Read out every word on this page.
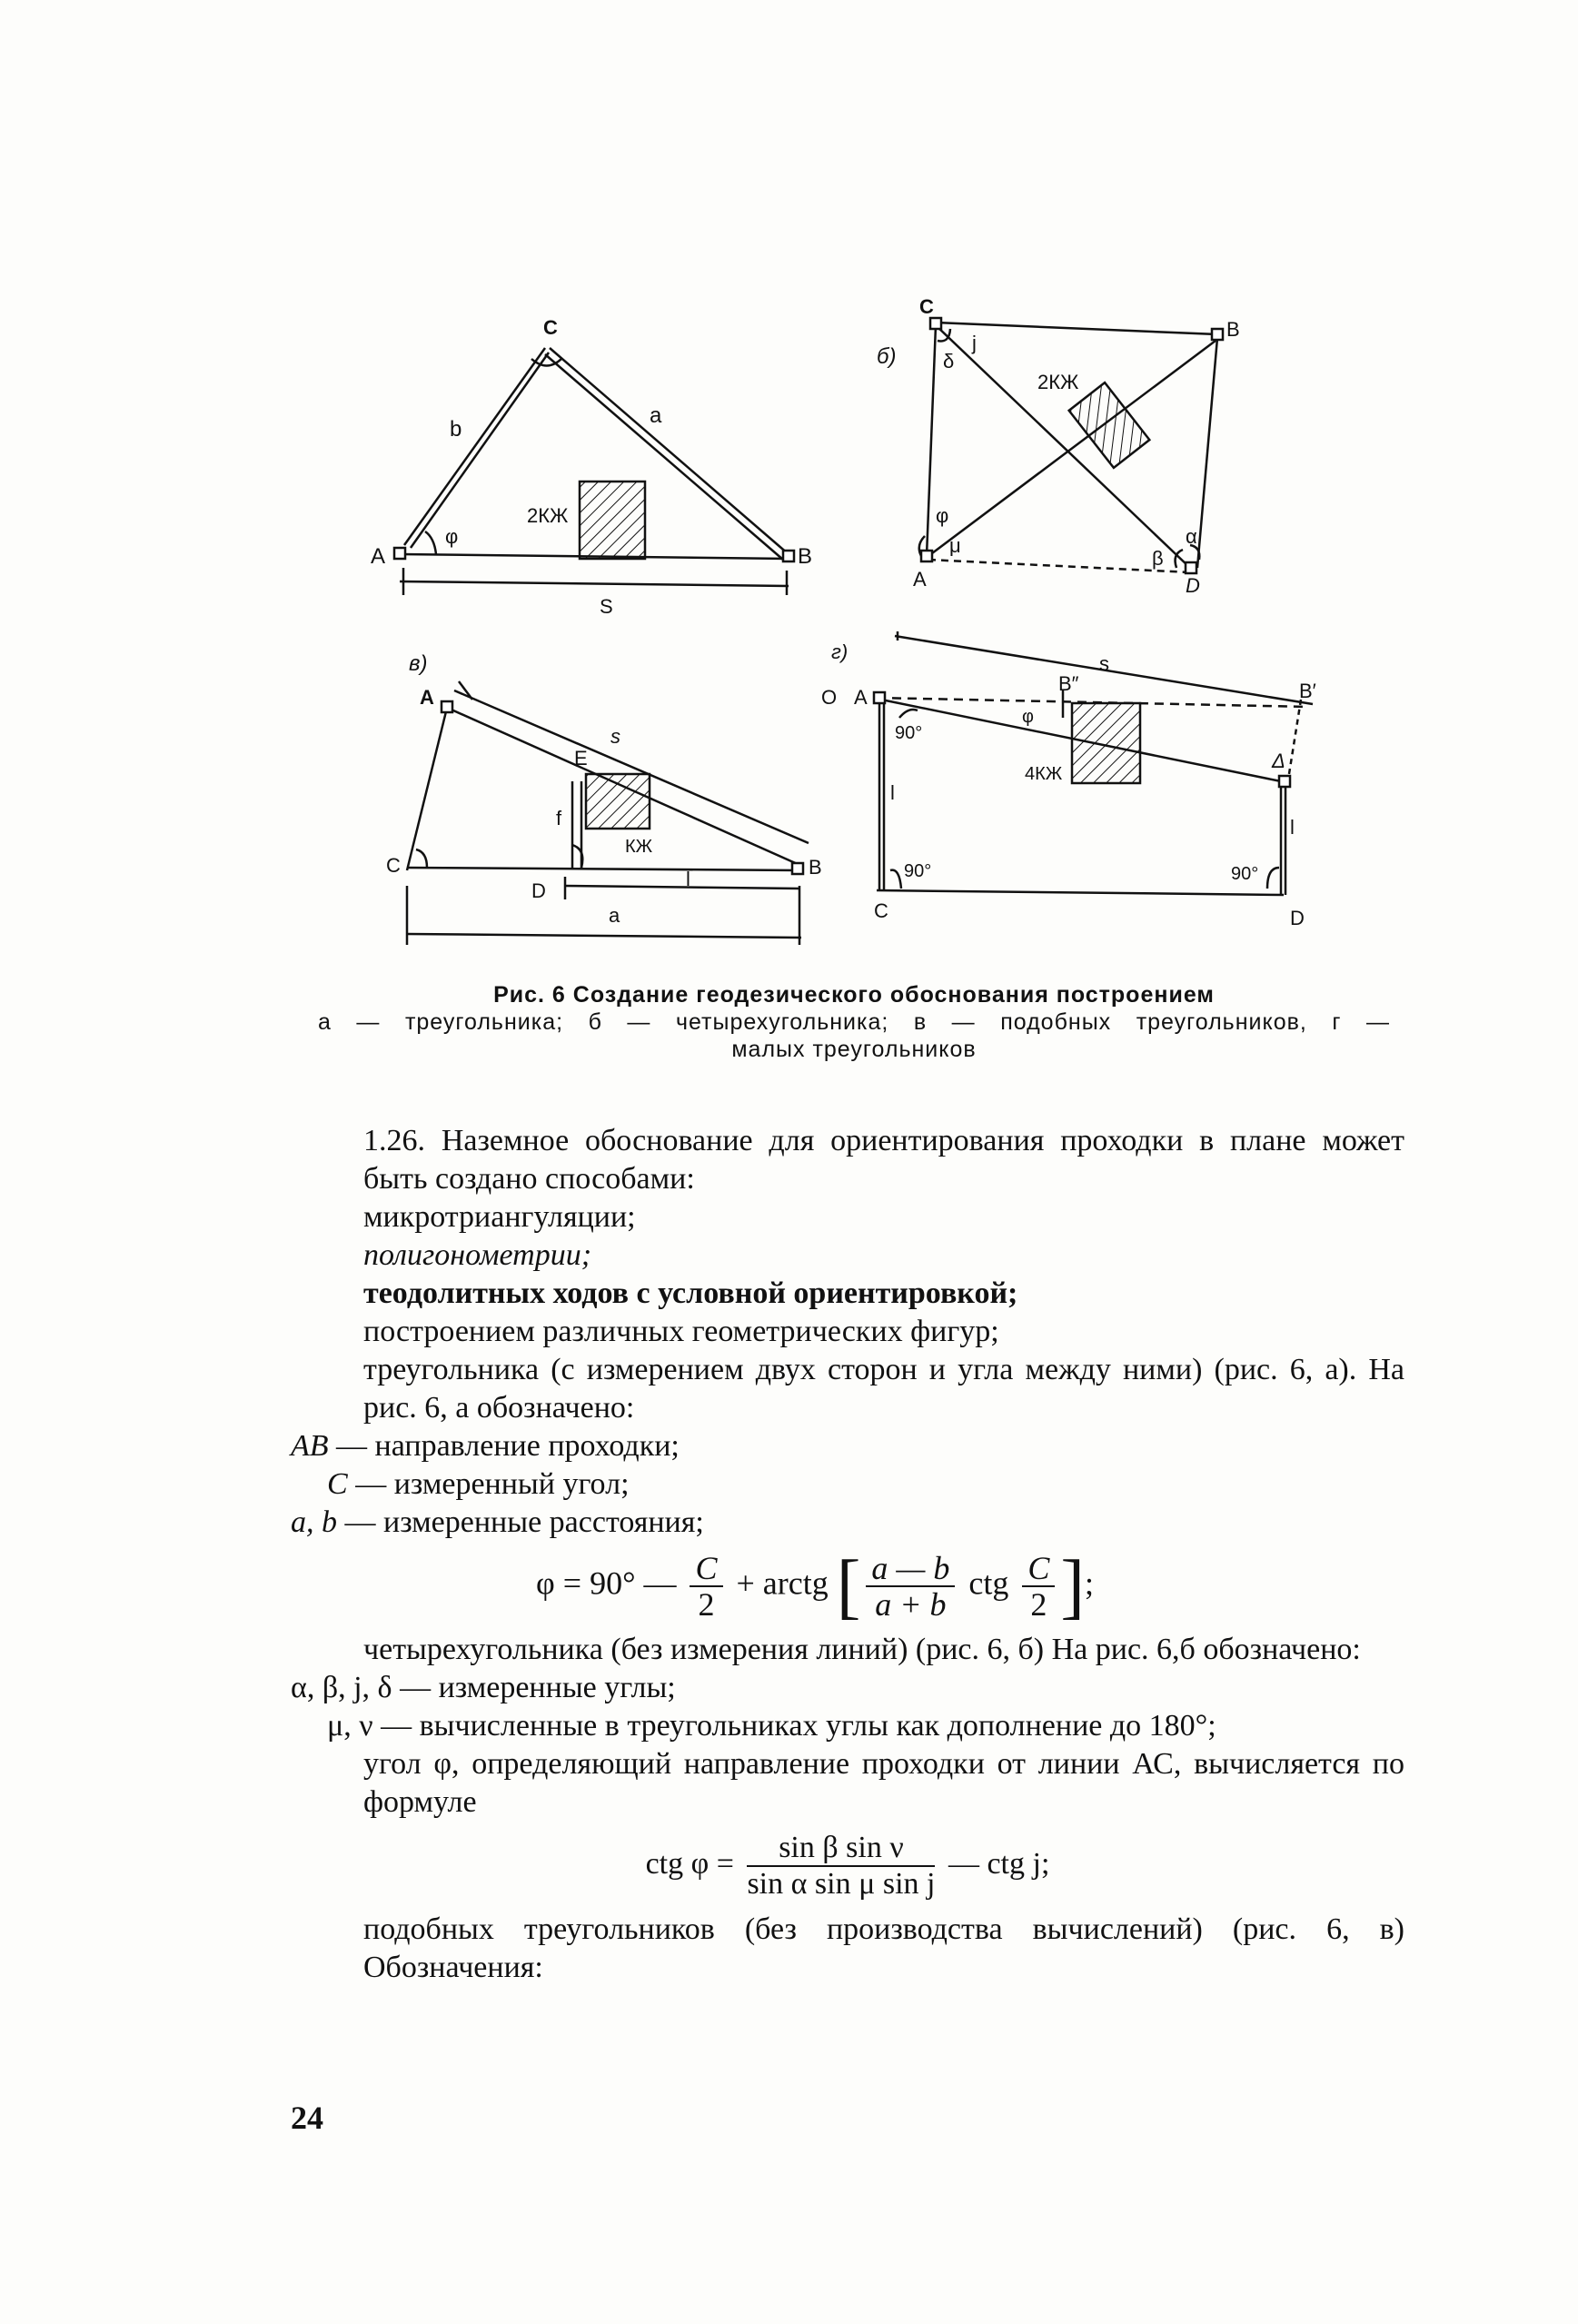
C
A	B
b
a
φ
2КЖ
S
б)
C
B
A	D
j
δ
2КЖ
φ
μ
β
α
в)
A
E
C	B
D
s
f
КЖ
l
a
г)
О A
B″	B′
s
φ
90°
4КЖ
Δ
l
l
90°	90°
C	D
Рис. 6 Создание геодезического обоснования построением
а — треугольника; б — четырехугольника; в — подобных треугольников, г —
малых треугольников

1.26. Наземное обоснование для ориентирования проходки в плане может быть создано способами:

микротриангуляции;

полигонометрии;

теодолитных ходов с условной ориентировкой;

построением различных геометрических фигур;

треугольника (с измерением двух сторон и угла между ними) (рис. 6, а). На рис. 6, а обозначено:

АВ — направление проходки;

С — измеренный угол;

а, b — измеренные расстояния;

φ = 90° — $\frac{C}{2}$ + arctg [ $\frac{a — b}{a + b}$ ctg $\frac{C}{2}$ ];

четырехугольника (без измерения линий) (рис. 6, б) На рис. 6,б обозначено:

α, β, j, δ — измеренные углы;

μ, ν — вычисленные в треугольниках углы как дополнение до 180°;

угол φ, определяющий направление проходки от линии АС, вычисляется по формуле

ctg $\varphi = \frac{\text{sin β sin ν}}{\text{sin α sin μ sin j}}$ — ctg j;

подобных треугольников (без производства вычислений) (рис. 6, в) Обозначения:

24
